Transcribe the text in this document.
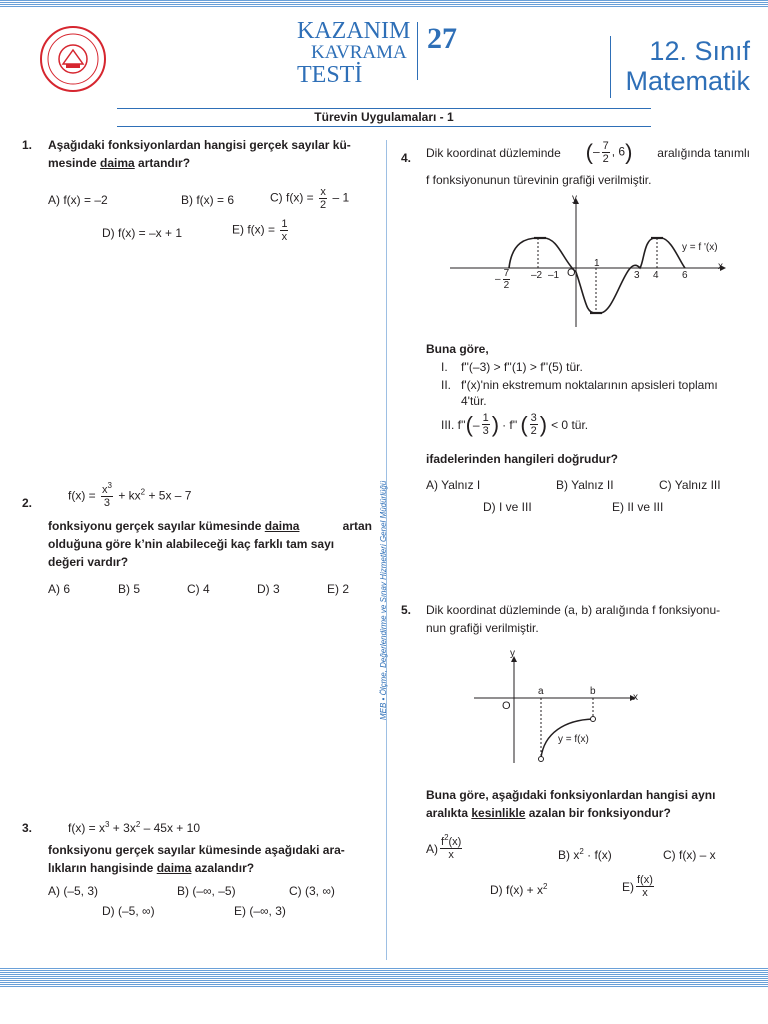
KAZANIM
KAVRAMA
TESTİ
27	12. Sınıf
Matematik
Türevin Uygulamaları - 1
MEB • Ölçme, Değerlendirme ve Sınav Hizmetleri Genel Müdürlüğü
1. Aşağıdaki fonksiyonlardan hangisi gerçek sayılar kü-
mesinde daima artandır?
A) f(x) = –2	B) f(x) = 6	C) $f(x) = \frac{x}{2} - 1$
D) f(x) = –x + 1	E) $f(x) = \frac{1}{x}$
2.
$f(x) = \frac{x^3}{3} + kx^2 + 5x - 7$
fonksiyonu gerçek sayılar kümesinde daima	artan
olduğuna göre k’nin alabileceği kaç farklı tam sayı
değeri vardır?
A) 6	B) 5	C) 4	D) 3	E) 2
3.	$f(x) = x^3 + 3x^2 - 45x + 10$
fonksiyonu gerçek sayılar kümesinde aşağıdaki ara-
lıkların hangisinde daima azalandır?
A) (–5, 3)	B) (–∞, –5)	C) (3, ∞)
D) (–5, ∞)	E) (–∞, 3)
4. Dik koordinat düzleminde (– $\frac{7}{2}$ , 6) aralığında tanımlı
f fonksiyonunun türevinin grafiği verilmiştir.
y
x
y = f '(x)
–2 –1 O
1
3 4 6
– $\frac{7}{2}$
Buna göre,
I. f''(–3) > f''(1) > f''(5) tür.
II. f'(x)'nin ekstremum noktalarının apsisleri toplamı
4'tür.
III. f'' ( – $\frac{1}{3}$ ) · f'' ( $\frac{3}{2}$ ) < 0 tür.
ifadelerinden hangileri doğrudur?
A) Yalnız I	B) Yalnız II	C) Yalnız III
D) I ve III	E) II ve III
5. Dik koordinat düzleminde (a, b) aralığında f fonksiyonu-
nun grafiği verilmiştir.
y
x
O
a	b
y = f(x)
Buna göre, aşağıdaki fonksiyonlardan hangisi aynı
aralıkta kesinlikle azalan bir fonksiyondur?
$A) \frac{f^2(x)}{x}$	B) $x^2 \cdot f(x)$	C) f(x) – x
D) $f(x) + x^2$	$E) \frac{f(x)}{x}$
